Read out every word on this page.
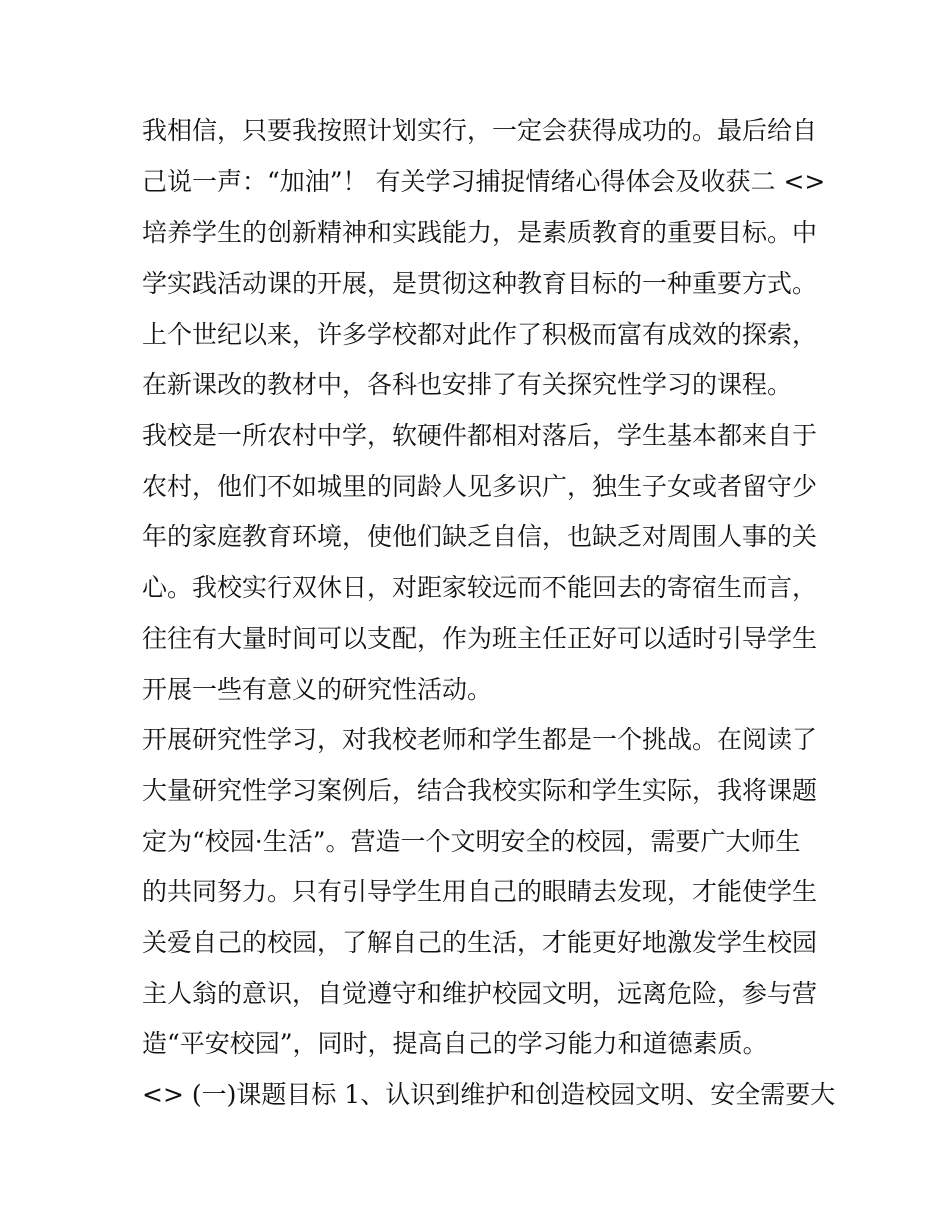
我相信，只要我按照计划实行，一定会获得成功的。最后给自
己说一声：“加油”！ 有关学习捕捉情绪心得体会及收获二 <>
培养学生的创新精神和实践能力，是素质教育的重要目标。中
学实践活动课的开展，是贯彻这种教育目标的一种重要方式。
上个世纪以来，许多学校都对此作了积极而富有成效的探索，
在新课改的教材中，各科也安排了有关探究性学习的课程。
我校是一所农村中学，软硬件都相对落后，学生基本都来自于
农村，他们不如城里的同龄人见多识广，独生子女或者留守少
年的家庭教育环境，使他们缺乏自信，也缺乏对周围人事的关
心。我校实行双休日，对距家较远而不能回去的寄宿生而言，
往往有大量时间可以支配，作为班主任正好可以适时引导学生
开展一些有意义的研究性活动。
开展研究性学习，对我校老师和学生都是一个挑战。在阅读了
大量研究性学习案例后，结合我校实际和学生实际，我将课题
定为“校园·生活”。营造一个文明安全的校园，需要广大师生
的共同努力。只有引导学生用自己的眼睛去发现，才能使学生
关爱自己的校园，了解自己的生活，才能更好地激发学生校园
主人翁的意识，自觉遵守和维护校园文明，远离危险，参与营
造“平安校园”，同时，提高自己的学习能力和道德素质。
<> (一)课题目标 1、认识到维护和创造校园文明、安全需要大
